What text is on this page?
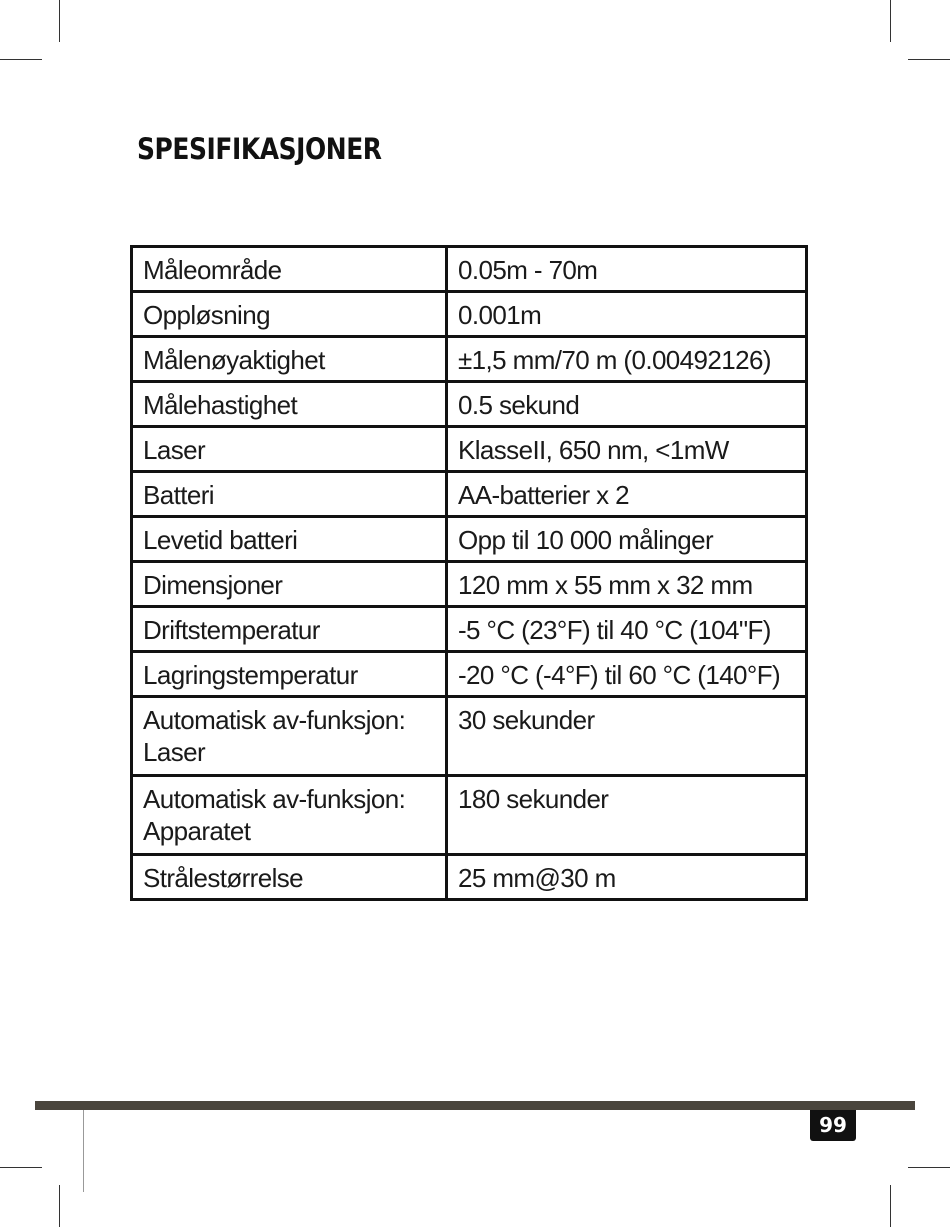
SPESIFIKASJONER
Måleområde	0.05m - 70m
Oppløsning	0.001m
Målenøyaktighet	±1,5 mm/70 m (0.00492126)
Målehastighet	0.5 sekund
Laser	KlasseII, 650 nm, <1mW
Batteri	AA-batterier x 2
Levetid batteri	Opp til 10 000 målinger
Dimensjoner	120 mm x 55 mm x 32 mm
Driftstemperatur	-5 °C (23°F) til 40 °C (104"F)
Lagringstemperatur	-20 °C (-4°F) til 60 °C (140°F)
Automatisk av-funksjon: Laser	30 sekunder
Automatisk av-funksjon: Apparatet	180 sekunder
Strålestørrelse	25 mm@30 m
99
